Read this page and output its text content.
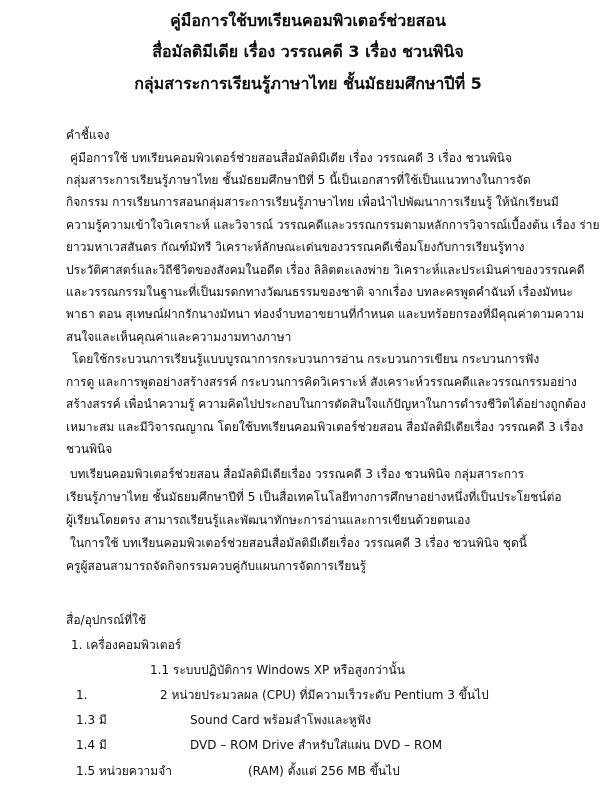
คู่มือการใช้บทเรียนคอมพิวเตอร์ช่วยสอน
สื่อมัลติมีเดีย เรื่อง วรรณคดี 3 เรื่อง ชวนพินิจ
กลุ่มสาระการเรียนรู้ภาษาไทย ชั้นมัธยมศึกษาปีที่ 5
คำชี้แจง
คู่มือการใช้ บทเรียนคอมพิวเตอร์ช่วยสอนสื่อมัลติมีเดีย เรื่อง วรรณคดี 3 เรื่อง ชวนพินิจ
กลุ่มสาระการเรียนรู้ภาษาไทย ชั้นมัธยมศึกษาปีที่ 5 นี้เป็นเอกสารที่ใช้เป็นแนวทางในการจัด
กิจกรรม การเรียนการสอนกลุ่มสาระการเรียนรู้ภาษาไทย เพื่อนำไปพัฒนาการเรียนรู้ ให้นักเรียนมี
ความรู้ความเข้าใจวิเคราะห์ และวิจารณ์ วรรณคดีและวรรณกรรมตามหลักการวิจารณ์เบื้องต้น เรื่อง ร่าย
ยาวมหาเวสสันดร กัณฑ์มัทรี วิเคราะห์ลักษณะเด่นของวรรณคดีเชื่อมโยงกับการเรียนรู้ทาง
ประวัติศาสตร์และวิถีชีวิตของสังคมในอดีต เรื่อง ลิลิตตะเลงพ่าย วิเคราะห์และประเมินค่าของวรรณคดี
และวรรณกรรมในฐานะที่เป็นมรดกทางวัฒนธรรมของชาติ จากเรื่อง บทละครพูดคำฉันท์ เรื่องมัทนะ
พาธา ตอน สุเทษณ์ฝากรักนางมัทนา ท่องจำบทอาขยานที่กำหนด และบทร้อยกรองที่มีคุณค่าตามความ
สนใจและเห็นคุณค่าและความงามทางภาษา
โดยใช้กระบวนการเรียนรู้แบบบูรณาการกระบวนการอ่าน กระบวนการเขียน กระบวนการฟัง
การดู และการพูดอย่างสร้างสรรค์ กระบวนการคิดวิเคราะห์ สังเคราะห์วรรณคดีและวรรณกรรมอย่าง
สร้างสรรค์ เพื่อนำความรู้ ความคิดไปประกอบในการตัดสินใจแก้ปัญหาในการดำรงชีวิตได้อย่างถูกต้อง
เหมาะสม และมีวิจารณญาณ โดยใช้บทเรียนคอมพิวเตอร์ช่วยสอน สื่อมัลติมีเดียเรื่อง วรรณคดี 3 เรื่อง
ชวนพินิจ
บทเรียนคอมพิวเตอร์ช่วยสอน สื่อมัลติมีเดียเรื่อง วรรณคดี 3 เรื่อง ชวนพินิจ กลุ่มสาระการ
เรียนรู้ภาษาไทย ชั้นมัธยมศึกษาปีที่ 5 เป็นสื่อเทคโนโลยีทางการศึกษาอย่างหนึ่งที่เป็นประโยชน์ต่อ
ผู้เรียนโดยตรง สามารถเรียนรู้และพัฒนาทักษะการอ่านและการเขียนด้วยตนเอง
ในการใช้ บทเรียนคอมพิวเตอร์ช่วยสอนสื่อมัลติมีเดียเรื่อง วรรณคดี 3 เรื่อง ชวนพินิจ ชุดนี้
ครูผู้สอนสามารถจัดกิจกรรมควบคู่กับแผนการจัดการเรียนรู้
สื่อ/อุปกรณ์ที่ใช้
1. เครื่องคอมพิวเตอร์
1.1 ระบบปฏิบัติการ Windows XP หรือสูงกว่านั้น
1.	2 หน่วยประมวลผล (CPU) ที่มีความเร็วระดับ Pentium 3 ขึ้นไป
1.3 มี	Sound Card พร้อมลำโพงและหูฟัง
1.4 มี	DVD – ROM Drive สำหรับใส่แผ่น DVD – ROM
1.5 หน่วยความจำ	(RAM) ตั้งแต่ 256 MB ขึ้นไป
